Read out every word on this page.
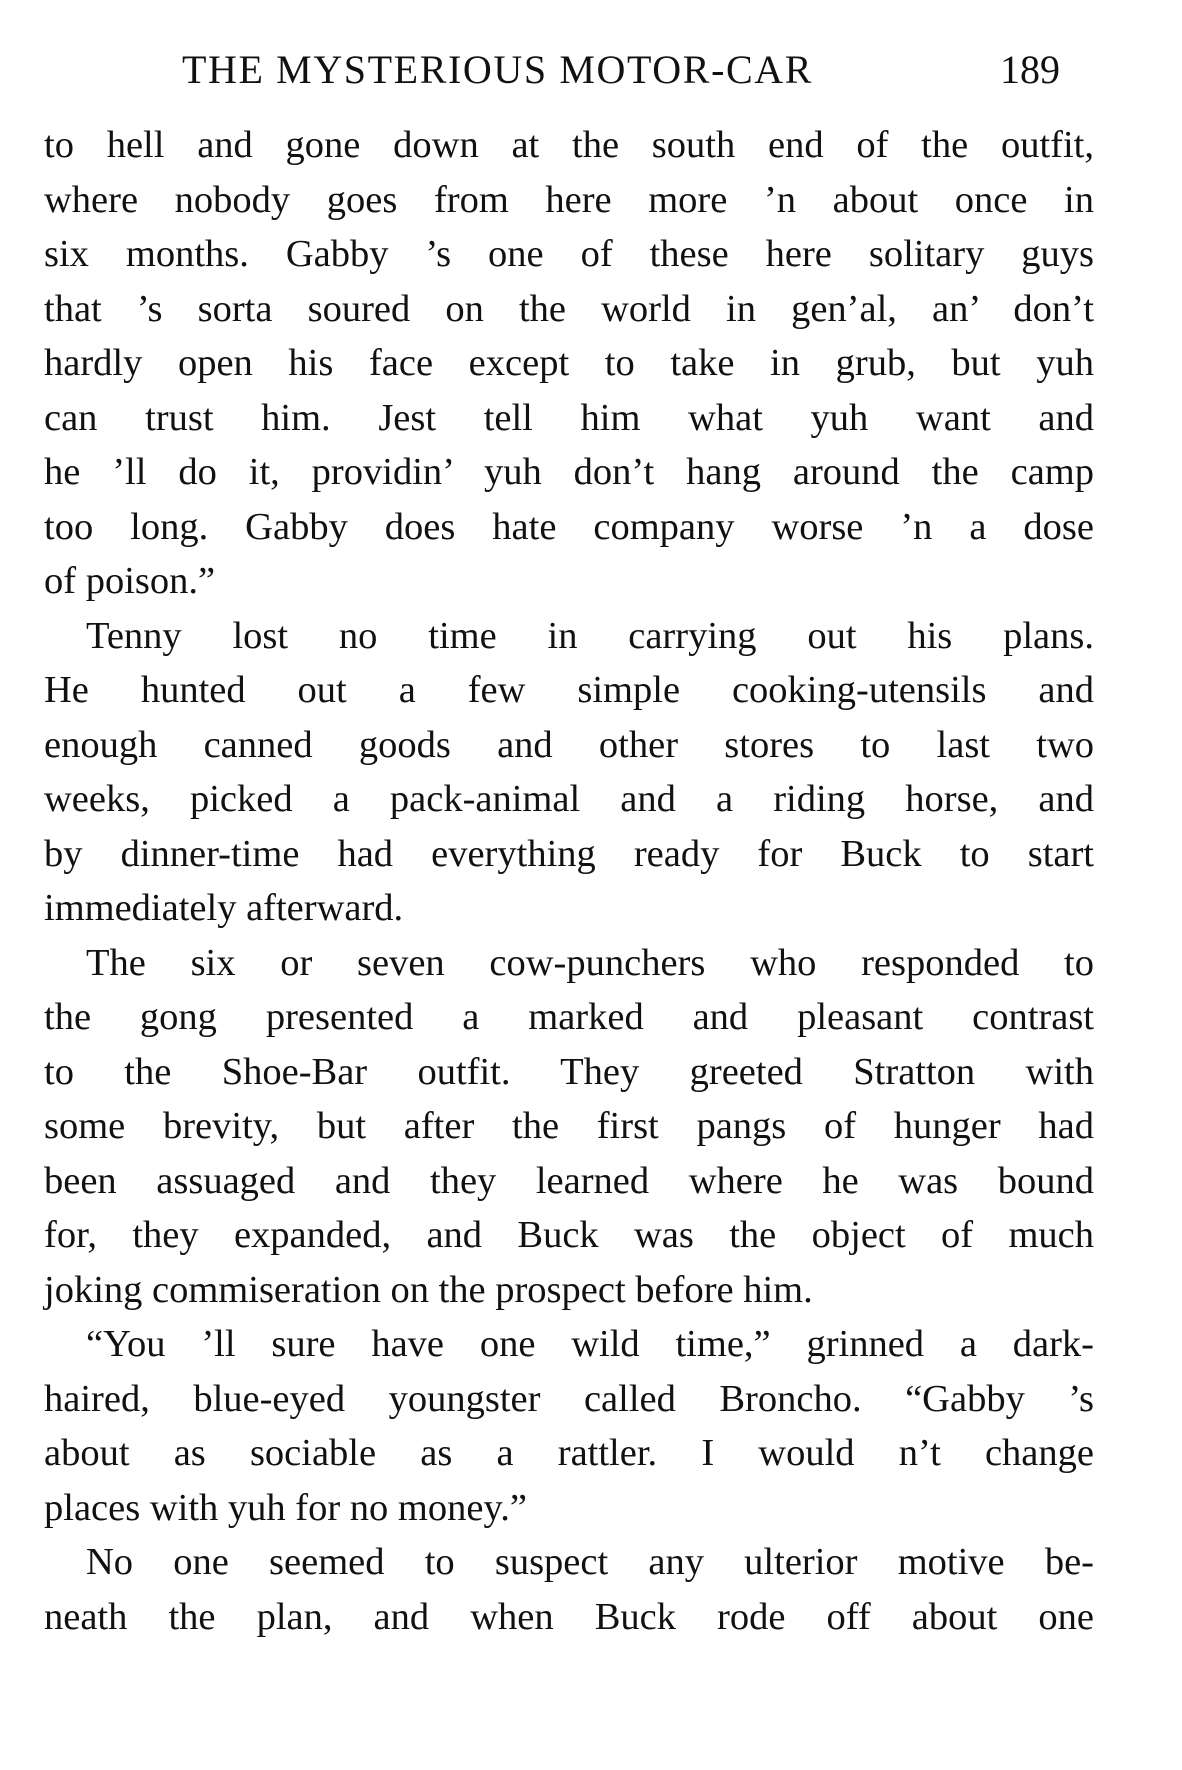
THE MYSTERIOUS MOTOR-CAR	189

to hell and gone down at the south end of the outfit,
where nobody goes from here more ’n about once in
six months. Gabby ’s one of these here solitary guys
that ’s sorta soured on the world in gen’al, an’ don’t
hardly open his face except to take in grub, but yuh
can trust him. Jest tell him what yuh want and
he ’ll do it, providin’ yuh don’t hang around the camp
too long. Gabby does hate company worse ’n a dose
of poison.”

Tenny lost no time in carrying out his plans.
He hunted out a few simple cooking-utensils and
enough canned goods and other stores to last two
weeks, picked a pack-animal and a riding horse, and
by dinner-time had everything ready for Buck to start
immediately afterward.

The six or seven cow-punchers who responded to
the gong presented a marked and pleasant contrast
to the Shoe-Bar outfit. They greeted Stratton with
some brevity, but after the first pangs of hunger had
been assuaged and they learned where he was bound
for, they expanded, and Buck was the object of much
joking commiseration on the prospect before him.

“You ’ll sure have one wild time,” grinned a dark-
haired, blue-eyed youngster called Broncho. “Gabby ’s
about as sociable as a rattler. I would n’t change
places with yuh for no money.”

No one seemed to suspect any ulterior motive be-
neath the plan, and when Buck rode off about one
